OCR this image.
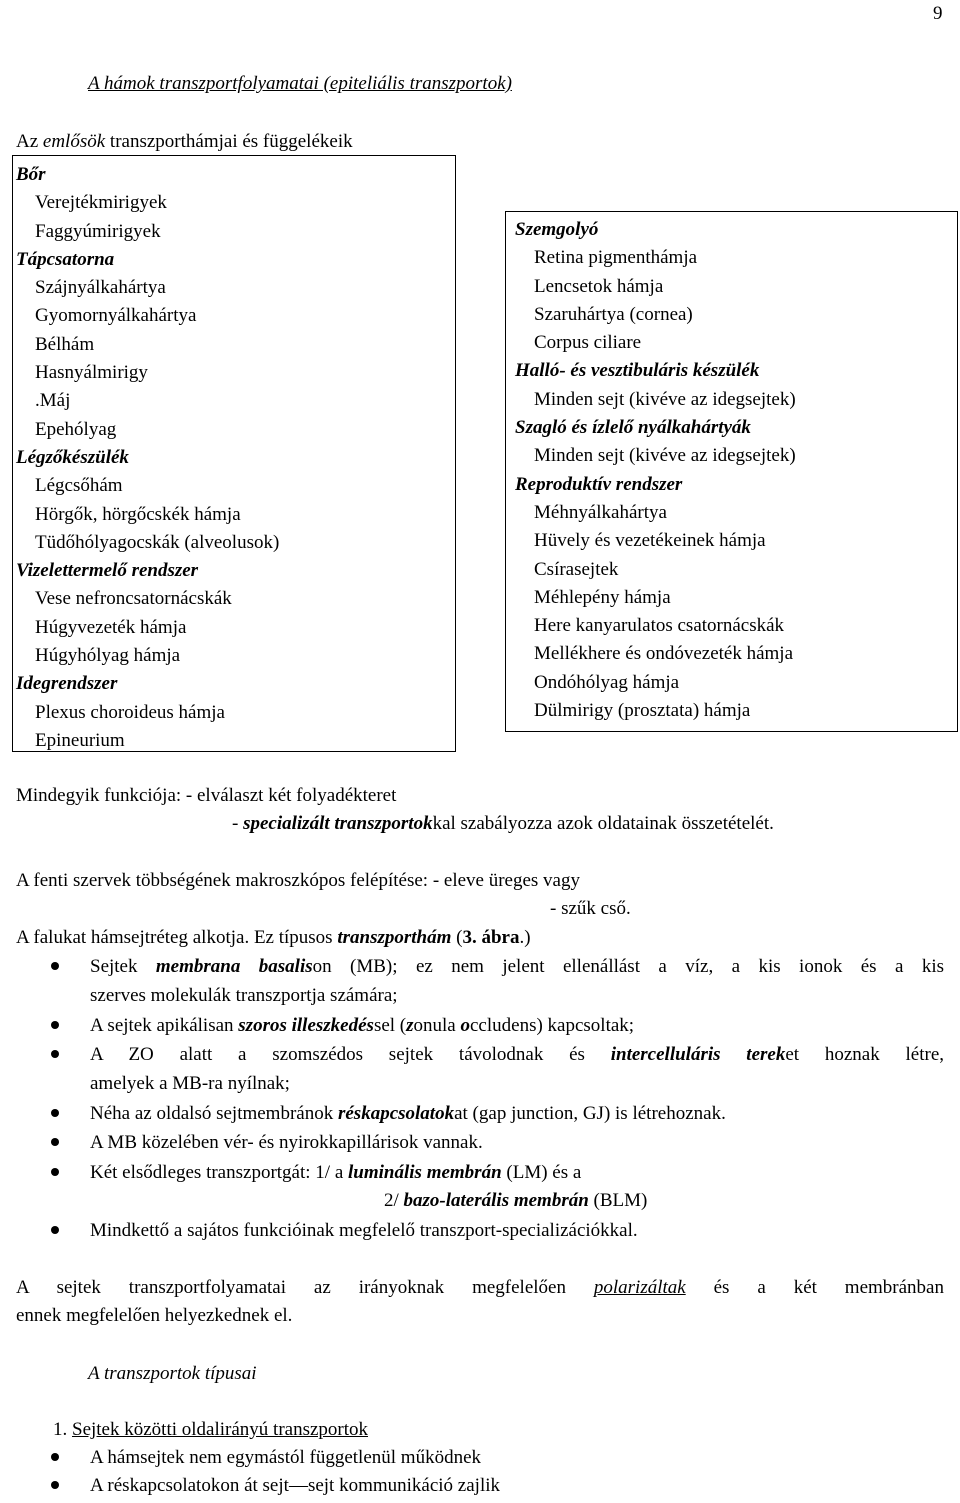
9
A hámok transzportfolyamatai (epiteliális transzportok)
Az emlősök transzporthámjai és függelékeik
Bőr
Verejtékmirigyek
Faggyúmirigyek
Tápcsatorna
Szájnyálkahártya
Gyomornyálkahártya
Bélhám
Hasnyálmirigy
.Máj
Epehólyag
Légzőkészülék
Légcsőhám
Hörgők, hörgőcskék hámja
Tüdőhólyagocskák (alveolusok)
Vizelettermelő rendszer
Vese nefroncsatornácskák
Húgyvezeték hámja
Húgyhólyag hámja
Idegrendszer
Plexus choroideus hámja
Epineurium
Szemgolyó
Retina pigmenthámja
Lencsetok hámja
Szaruhártya (cornea)
Corpus ciliare
Halló- és vesztibuláris készülék
Minden sejt (kivéve az idegsejtek)
Szagló és ízlelő nyálkahártyák
Minden sejt (kivéve az idegsejtek)
Reproduktív rendszer
Méhnyálkahártya
Hüvely és vezetékeinek hámja
Csírasejtek
Méhlepény hámja
Here kanyarulatos csatornácskák
Mellékhere és ondóvezeték hámja
Ondóhólyag hámja
Dülmirigy (prosztata) hámja
Mindegyik funkciója: - elválaszt két folyadékteret
- specializált transzportokkal szabályozza azok oldatainak összetételét.
A fenti szervek többségének makroszkópos felépítése: - eleve üreges vagy
- szűk cső.
A falukat hámsejtréteg alkotja. Ez típusos transzporthám (3. ábra.)
Sejtek membrana basalison (MB); ez nem jelent ellenállást a víz, a kis ionok és a kis
szerves molekulák transzportja számára;
A sejtek apikálisan szoros illeszkedéssel (zonula occludens) kapcsoltak;
A ZO alatt a szomszédos sejtek távolodnak és intercelluláris tereket hoznak létre,
amelyek a MB-ra nyílnak;
Néha az oldalsó sejtmembránok réskapcsolatokat (gap junction, GJ) is létrehoznak.
A MB közelében vér- és nyirokkapillárisok vannak.
Két elsődleges transzportgát: 1/ a luminális membrán (LM) és a
2/ bazo-laterális membrán (BLM)
Mindkettő a sajátos funkcióinak megfelelő transzport-specializációkkal.
A sejtek transzportfolyamatai az irányoknak megfelelően polarizáltak és a két membránban
ennek megfelelően helyezkednek el.
A transzportok típusai
1. Sejtek közötti oldalirányú transzportok
A hámsejtek nem egymástól függetlenül működnek
A réskapcsolatokon át sejt—sejt kommunikáció zajlik
